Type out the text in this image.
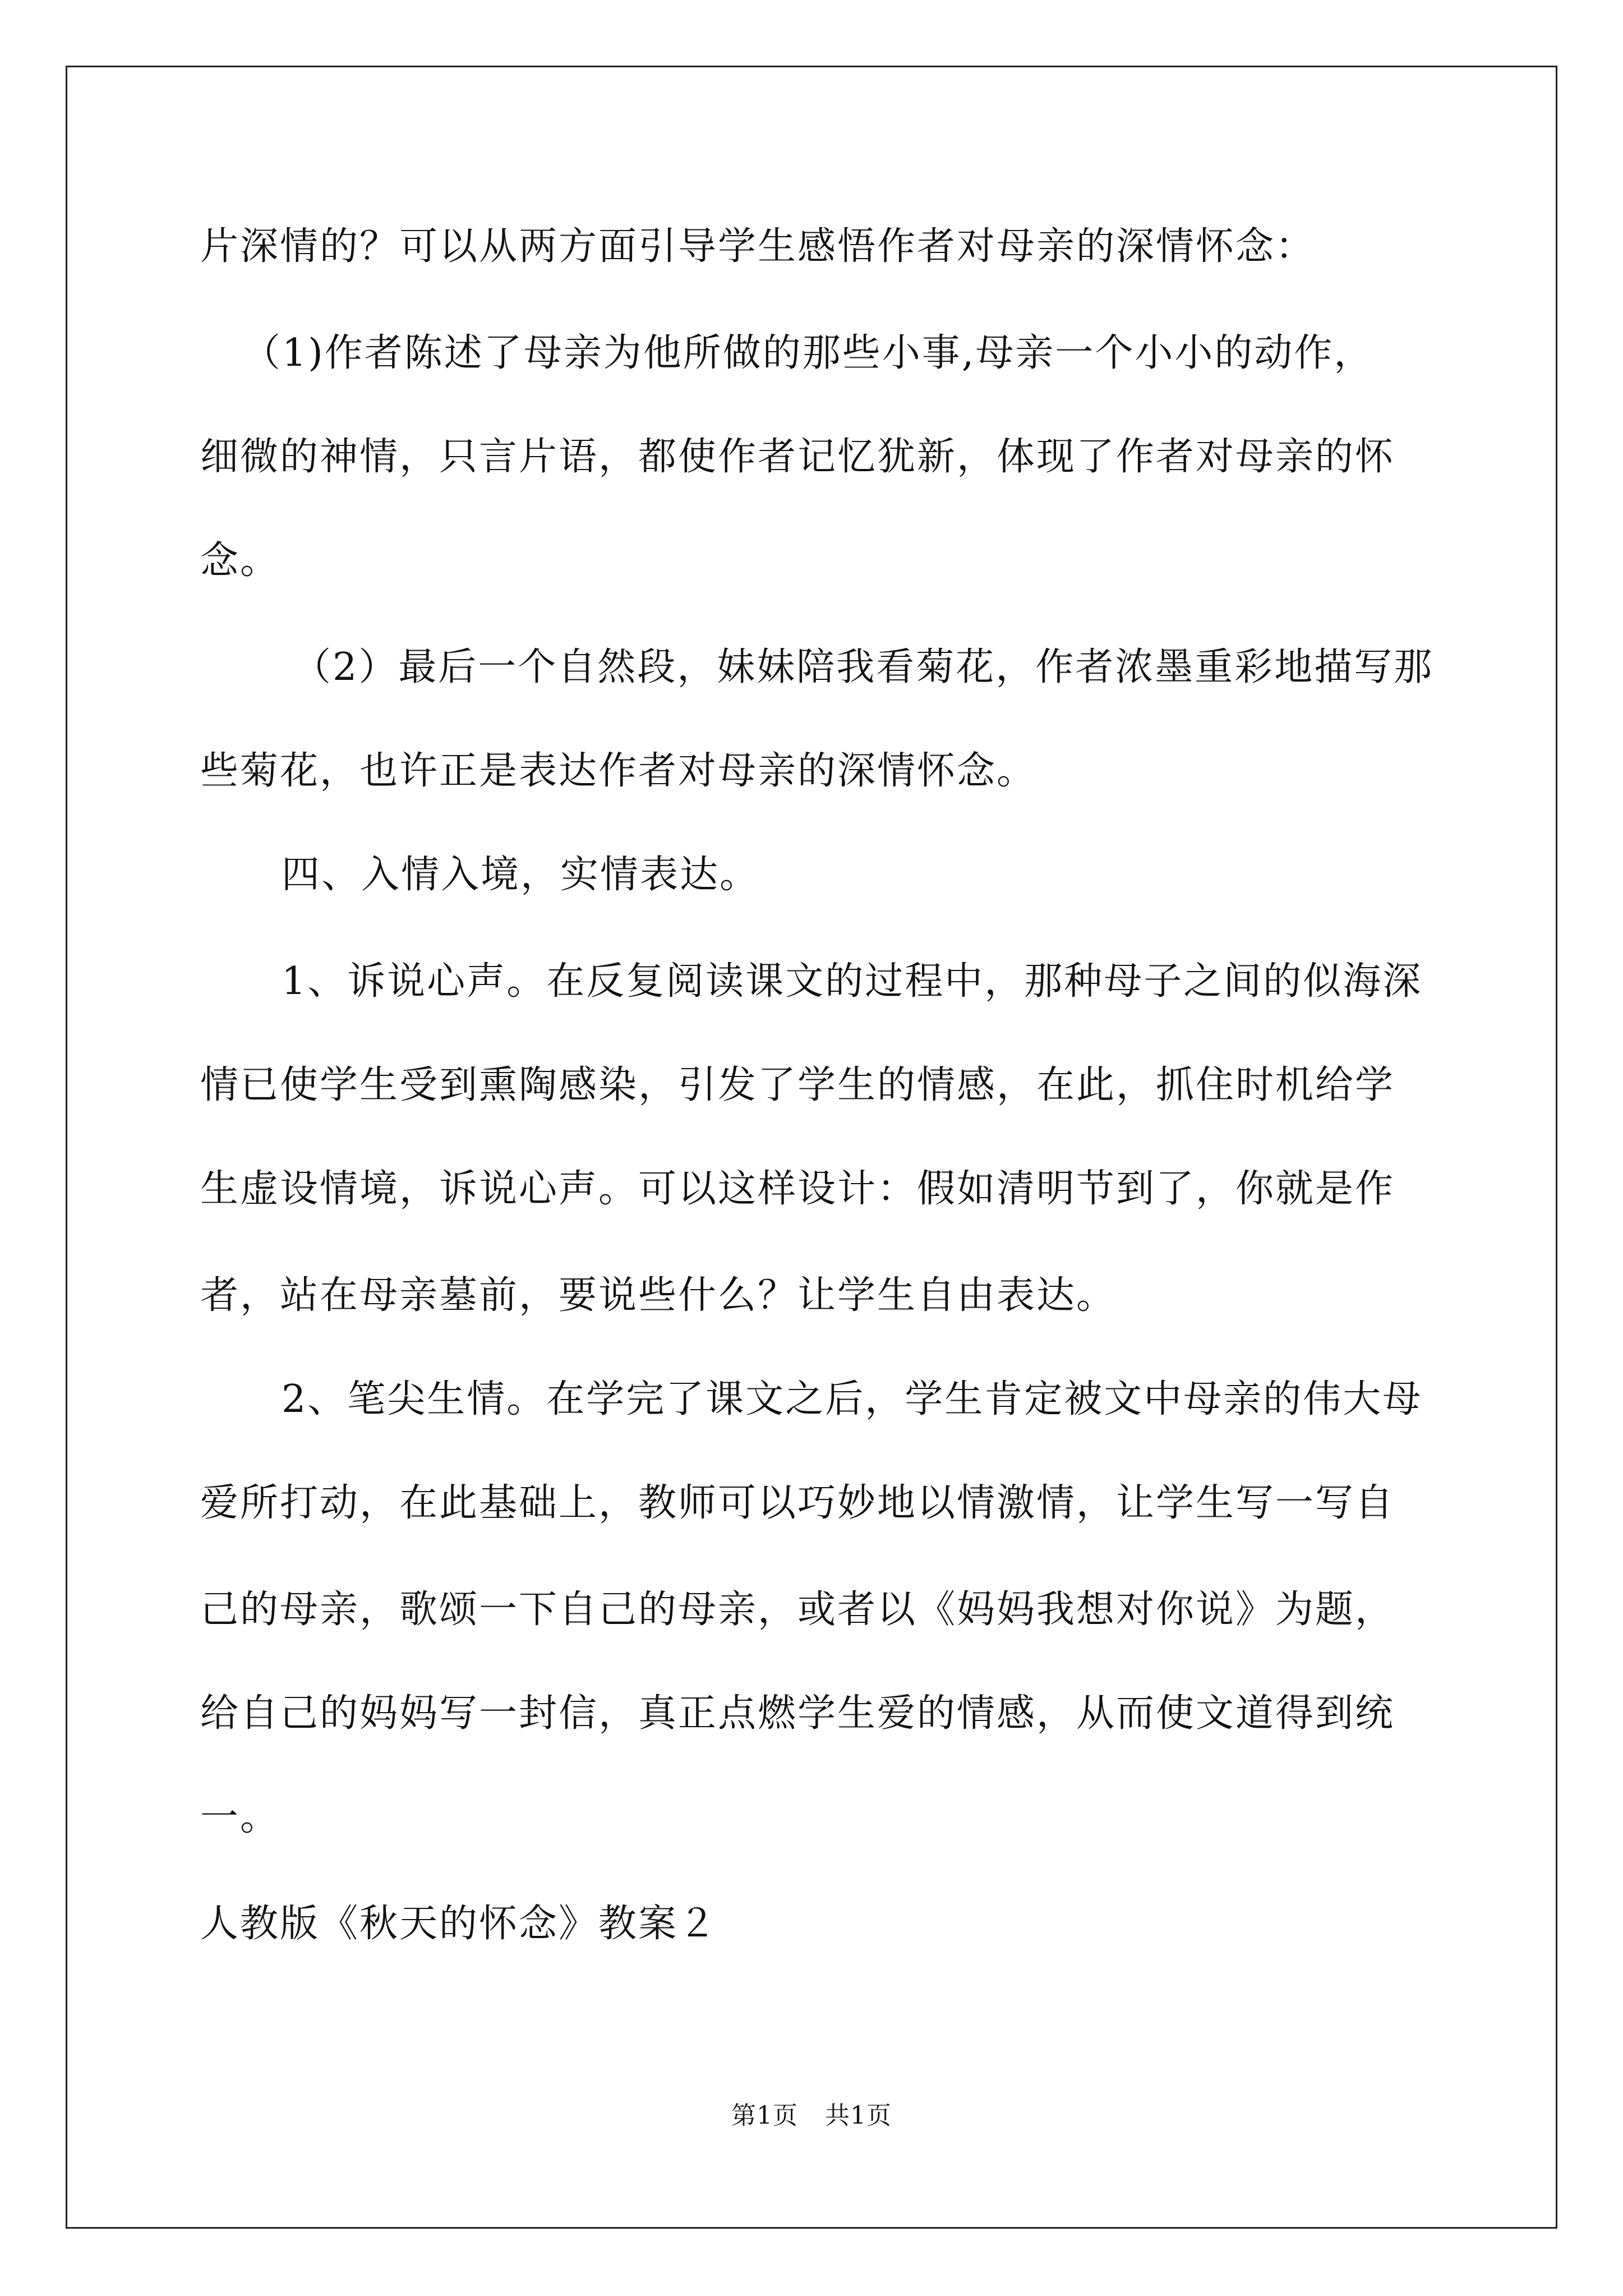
片深情的？可以从两方面引导学生感悟作者对母亲的深情怀念：
（1)作者陈述了母亲为他所做的那些小事,母亲一个小小的动作，
细微的神情，只言片语，都使作者记忆犹新，体现了作者对母亲的怀
念。
（2）最后一个自然段，妹妹陪我看菊花，作者浓墨重彩地描写那
些菊花，也许正是表达作者对母亲的深情怀念。
四、入情入境，实情表达。
1、诉说心声。在反复阅读课文的过程中，那种母子之间的似海深
情已使学生受到熏陶感染，引发了学生的情感，在此，抓住时机给学
生虚设情境，诉说心声。可以这样设计：假如清明节到了，你就是作
者，站在母亲墓前，要说些什么？让学生自由表达。
2、笔尖生情。在学完了课文之后，学生肯定被文中母亲的伟大母
爱所打动，在此基础上，教师可以巧妙地以情激情，让学生写一写自
己的母亲，歌颂一下自己的母亲，或者以《妈妈我想对你说》为题，
给自己的妈妈写一封信，真正点燃学生爱的情感，从而使文道得到统
一。
人教版《秋天的怀念》教案２
第1页 共1页
